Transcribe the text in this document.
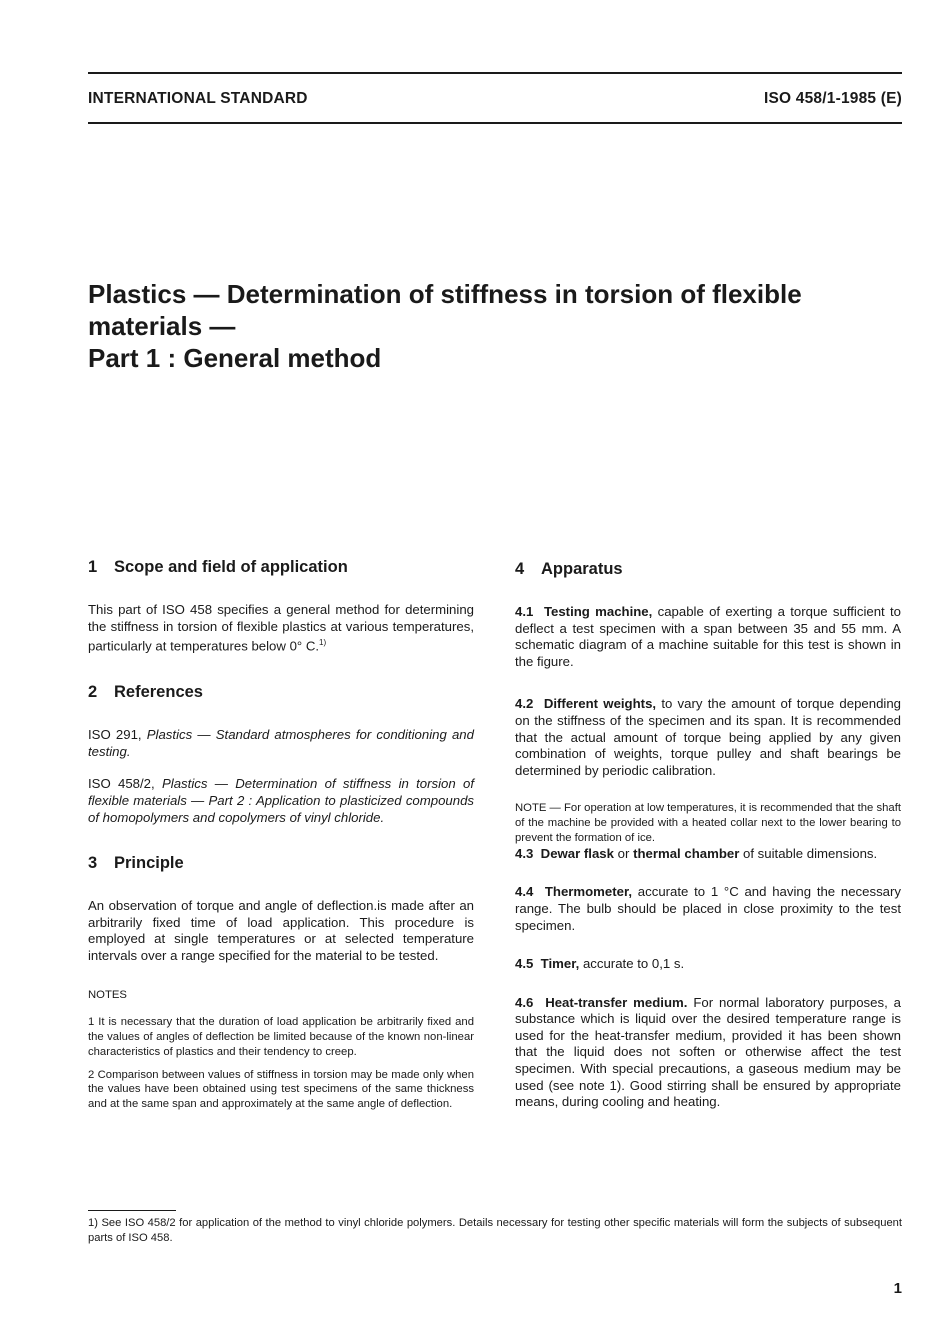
INTERNATIONAL STANDARD	ISO 458/1-1985 (E)
Plastics — Determination of stiffness in torsion of flexible
materials —
Part 1 : General method
1 Scope and field of application

This part of ISO 458 specifies a general method for determining the stiffness in torsion of flexible plastics at various temperatures, particularly at temperatures below 0° C.$^{1)}$

2 References

ISO 291, Plastics — Standard atmospheres for conditioning and testing.

ISO 458/2, Plastics — Determination of stiffness in torsion of flexible materials — Part 2 : Application to plasticized compounds of homopolymers and copolymers of vinyl chloride.

3 Principle

An observation of torque and angle of deflection.is made after an arbitrarily fixed time of load application. This procedure is employed at single temperatures or at selected temperature intervals over a range specified for the material to be tested.

NOTES

1 It is necessary that the duration of load application be arbitrarily fixed and the values of angles of deflection be limited because of the known non-linear characteristics of plastics and their tendency to creep.

2 Comparison between values of stiffness in torsion may be made only when the values have been obtained using test specimens of the same thickness and at the same span and approximately at the same angle of deflection.

4 Apparatus

4.1 Testing machine, capable of exerting a torque sufficient to deflect a test specimen with a span between 35 and 55 mm. A schematic diagram of a machine suitable for this test is shown in the figure.

4.2 Different weights, to vary the amount of torque depending on the stiffness of the specimen and its span. It is recommended that the actual amount of torque being applied by any given combination of weights, torque pulley and shaft bearings be determined by periodic calibration.

NOTE — For operation at low temperatures, it is recommended that the shaft of the machine be provided with a heated collar next to the lower bearing to prevent the formation of ice.

4.3 Dewar flask or thermal chamber of suitable dimensions.

4.4 Thermometer, accurate to 1 °C and having the necessary range. The bulb should be placed in close proximity to the test specimen.

4.5 Timer, accurate to 0,1 s.

4.6 Heat-transfer medium. For normal laboratory purposes, a substance which is liquid over the desired temperature range is used for the heat-transfer medium, provided it has been shown that the liquid does not soften or otherwise affect the test specimen. With special precautions, a gaseous medium may be used (see note 1). Good stirring shall be ensured by appropriate means, during cooling and heating.

1) See ISO 458/2 for application of the method to vinyl chloride polymers. Details necessary for testing other specific materials will form the subjects of subsequent parts of ISO 458.

1
